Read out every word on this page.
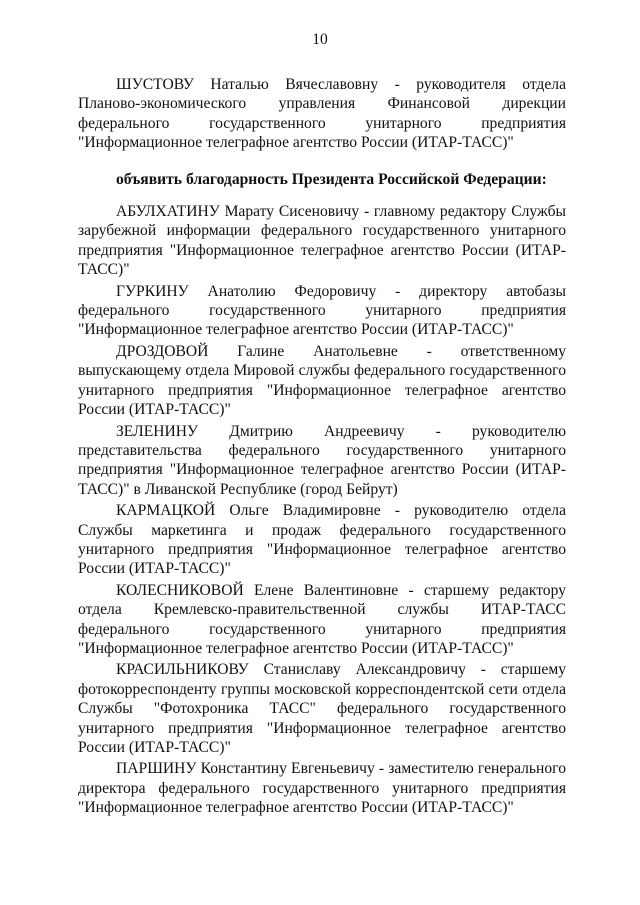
10

ШУСТОВУ Наталью Вячеславовну - руководителя отдела Планово-экономического управления Финансовой дирекции федерального государственного унитарного предприятия "Информационное телеграфное агентство России (ИТАР-ТАСС)"

объявить благодарность Президента Российской Федерации:

АБУЛХАТИНУ Марату Сисеновичу - главному редактору Службы зарубежной информации федерального государственного унитарного предприятия "Информационное телеграфное агентство России (ИТАР-ТАСС)"

ГУРКИНУ Анатолию Федоровичу - директору автобазы федерального государственного унитарного предприятия "Информационное телеграфное агентство России (ИТАР-ТАСС)"

ДРОЗДОВОЙ Галине Анатольевне - ответственному выпускающему отдела Мировой службы федерального государственного унитарного предприятия "Информационное телеграфное агентство России (ИТАР-ТАСС)"

ЗЕЛЕНИНУ Дмитрию Андреевичу - руководителю представительства федерального государственного унитарного предприятия "Информационное телеграфное агентство России (ИТАР-ТАСС)" в Ливанской Республике (город Бейрут)

КАРМАЦКОЙ Ольге Владимировне - руководителю отдела Службы маркетинга и продаж федерального государственного унитарного предприятия "Информационное телеграфное агентство России (ИТАР-ТАСС)"

КОЛЕСНИКОВОЙ Елене Валентиновне - старшему редактору отдела Кремлевско-правительственной службы ИТАР-ТАСС федерального государственного унитарного предприятия "Информационное телеграфное агентство России (ИТАР-ТАСС)"

КРАСИЛЬНИКОВУ Станиславу Александровичу - старшему фотокорреспонденту группы московской корреспондентской сети отдела Службы "Фотохроника ТАСС" федерального государственного унитарного предприятия "Информационное телеграфное агентство России (ИТАР-ТАСС)"

ПАРШИНУ Константину Евгеньевичу - заместителю генерального директора федерального государственного унитарного предприятия "Информационное телеграфное агентство России (ИТАР-ТАСС)"
